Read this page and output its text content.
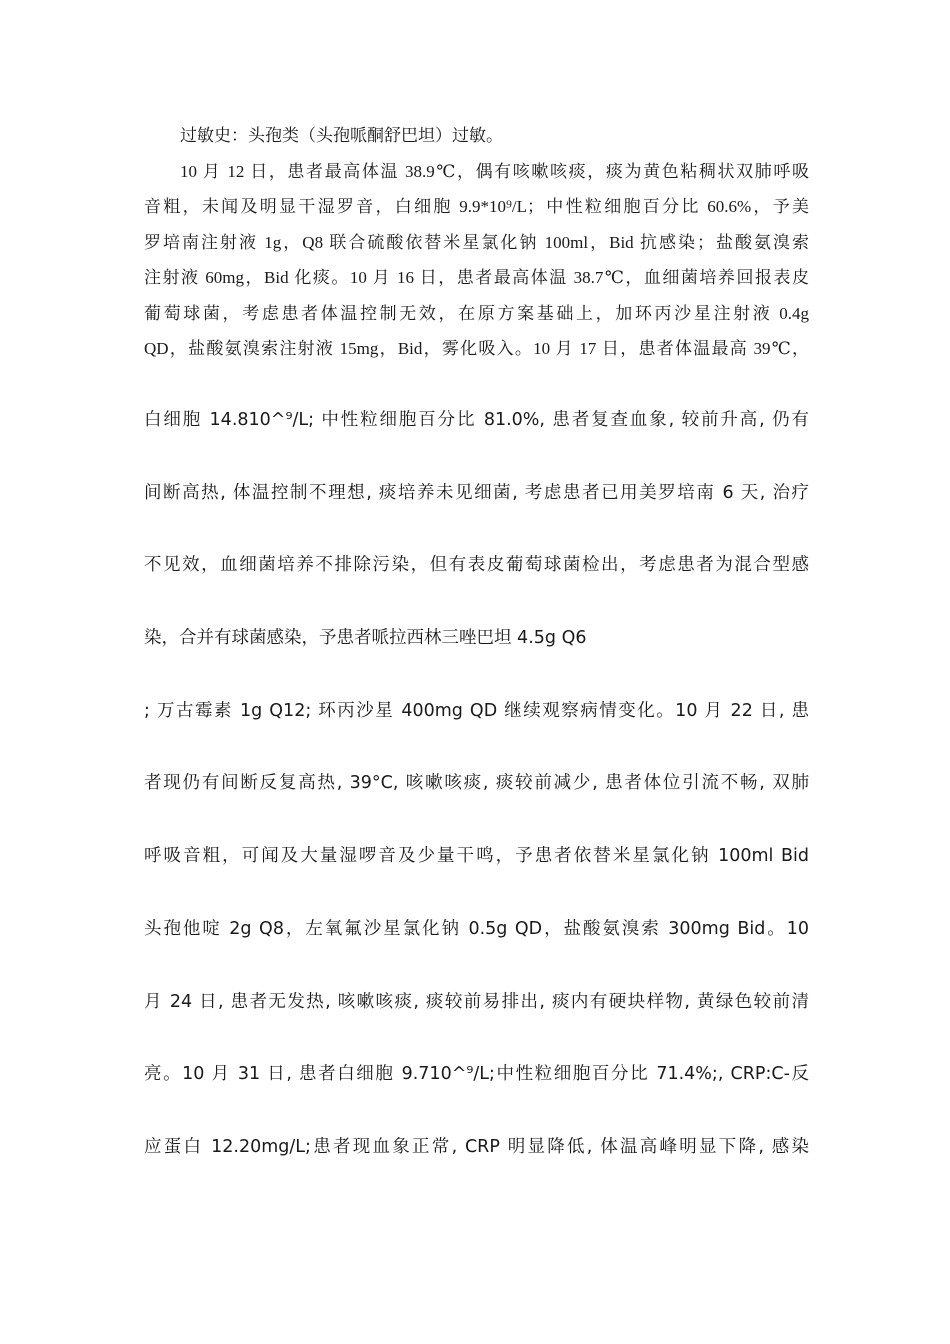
过敏史：头孢类（头孢哌酮舒巴坦）过敏。
10 月 12 日，患者最高体温 38.9℃，偶有咳嗽咳痰，痰为黄色粘稠状双肺呼吸
音粗，未闻及明显干湿罗音，白细胞 9.9*10⁹/L；中性粒细胞百分比 60.6%，予美
罗培南注射液 1g，Q8 联合硫酸依替米星氯化钠 100ml，Bid 抗感染；盐酸氨溴索
注射液 60mg，Bid 化痰。10 月 16 日，患者最高体温 38.7℃，血细菌培养回报表皮
葡萄球菌，考虑患者体温控制无效，在原方案基础上，加环丙沙星注射液 0.4g
QD，盐酸氨溴索注射液 15mg，Bid，雾化吸入。10 月 17 日，患者体温最高 39℃，
白细胞 14.810^⁹/L; 中性粒细胞百分比 81.0%, 患者复查血象, 较前升高, 仍有
间断高热, 体温控制不理想, 痰培养未见细菌, 考虑患者已用美罗培南 6 天, 治疗
不见效，血细菌培养不排除污染，但有表皮葡萄球菌检出，考虑患者为混合型感
染，合并有球菌感染，予患者哌拉西林三唑巴坦 4.5g Q6
; 万古霉素 1g Q12; 环丙沙星 400mg QD 继续观察病情变化。10 月 22 日, 患
者现仍有间断反复高热, 39°C, 咳嗽咳痰, 痰较前减少, 患者体位引流不畅, 双肺
呼吸音粗，可闻及大量湿啰音及少量干鸣，予患者依替米星氯化钠 100ml Bid
头孢他啶 2g Q8，左氧氟沙星氯化钠 0.5g QD，盐酸氨溴索 300mg Bid。10
月 24 日, 患者无发热, 咳嗽咳痰, 痰较前易排出, 痰内有硬块样物, 黄绿色较前清
亮。10 月 31 日, 患者白细胞 9.710^⁹/L;中性粒细胞百分比 71.4%;, CRP:C-反
应蛋白 12.20mg/L;患者现血象正常, CRP 明显降低, 体温高峰明显下降, 感染
